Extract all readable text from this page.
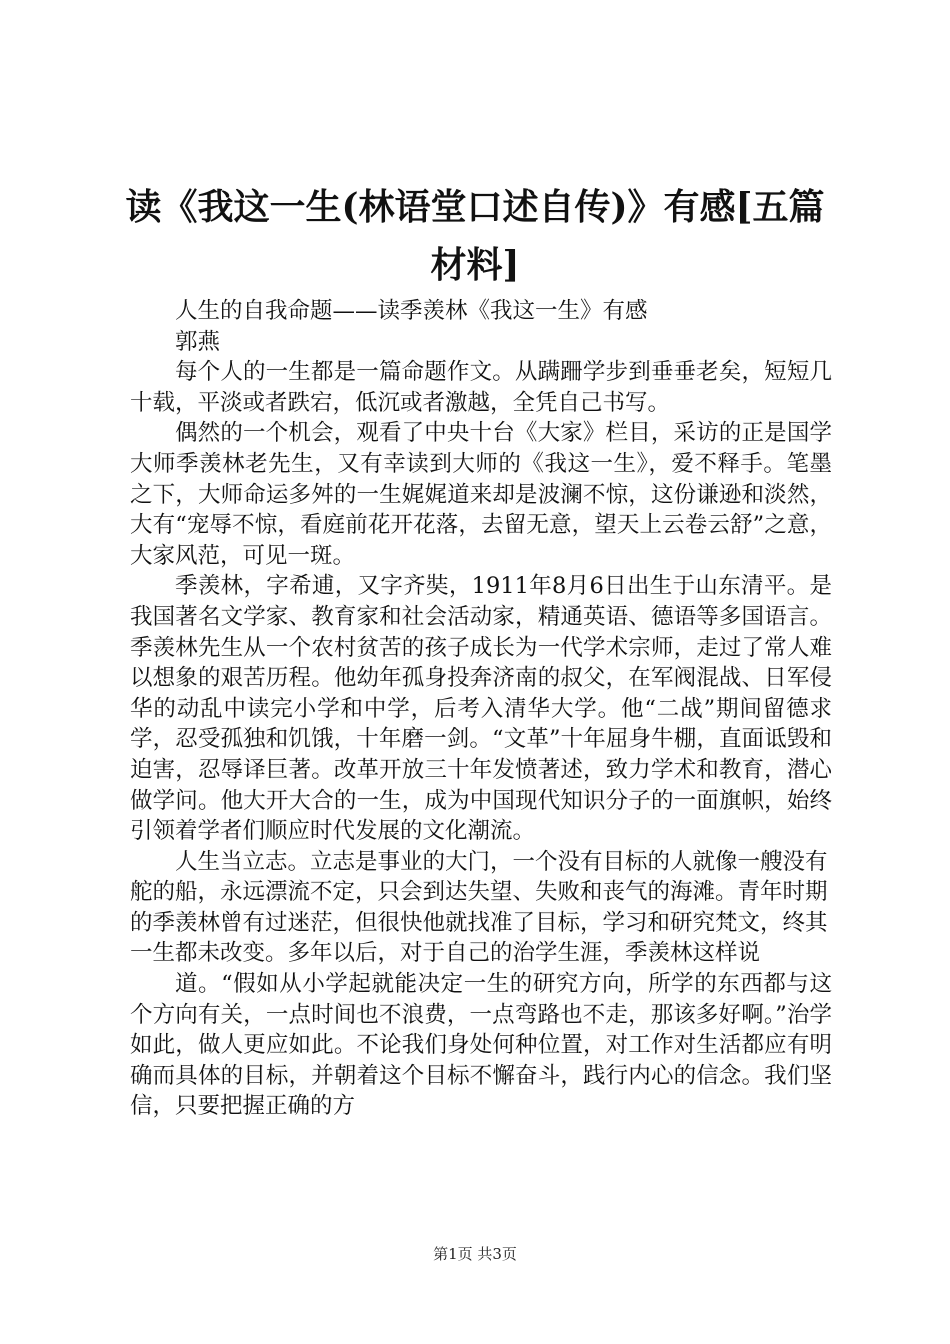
读《我这一生(林语堂口述自传)》有感[五篇材料]

人生的自我命题——读季羡林《我这一生》有感

郭燕

每个人的一生都是一篇命题作文。从蹒跚学步到垂垂老矣，短短几十载，平淡或者跌宕，低沉或者激越，全凭自己书写。

偶然的一个机会，观看了中央十台《大家》栏目，采访的正是国学大师季羡林老先生，又有幸读到大师的《我这一生》，爱不释手。笔墨之下，大师命运多舛的一生娓娓道来却是波澜不惊，这份谦逊和淡然，大有“宠辱不惊，看庭前花开花落，去留无意，望天上云卷云舒”之意，大家风范，可见一斑。

季羡林，字希逋，又字齐奘，1911年8月6日出生于山东清平。是我国著名文学家、教育家和社会活动家，精通英语、德语等多国语言。季羡林先生从一个农村贫苦的孩子成长为一代学术宗师，走过了常人难以想象的艰苦历程。他幼年孤身投奔济南的叔父，在军阀混战、日军侵华的动乱中读完小学和中学，后考入清华大学。他“二战”期间留德求学，忍受孤独和饥饿，十年磨一剑。“文革”十年屈身牛棚，直面诋毁和迫害，忍辱译巨著。改革开放三十年发愤著述，致力学术和教育，潜心做学问。他大开大合的一生，成为中国现代知识分子的一面旗帜，始终引领着学者们顺应时代发展的文化潮流。

人生当立志。立志是事业的大门，一个没有目标的人就像一艘没有舵的船，永远漂流不定，只会到达失望、失败和丧气的海滩。青年时期的季羡林曾有过迷茫，但很快他就找准了目标，学习和研究梵文，终其一生都未改变。多年以后，对于自己的治学生涯，季羡林这样说

道。“假如从小学起就能决定一生的研究方向，所学的东西都与这个方向有关，一点时间也不浪费，一点弯路也不走，那该多好啊。”治学如此，做人更应如此。不论我们身处何种位置，对工作对生活都应有明确而具体的目标，并朝着这个目标不懈奋斗，践行内心的信念。我们坚信，只要把握正确的方

第1页 共3页
